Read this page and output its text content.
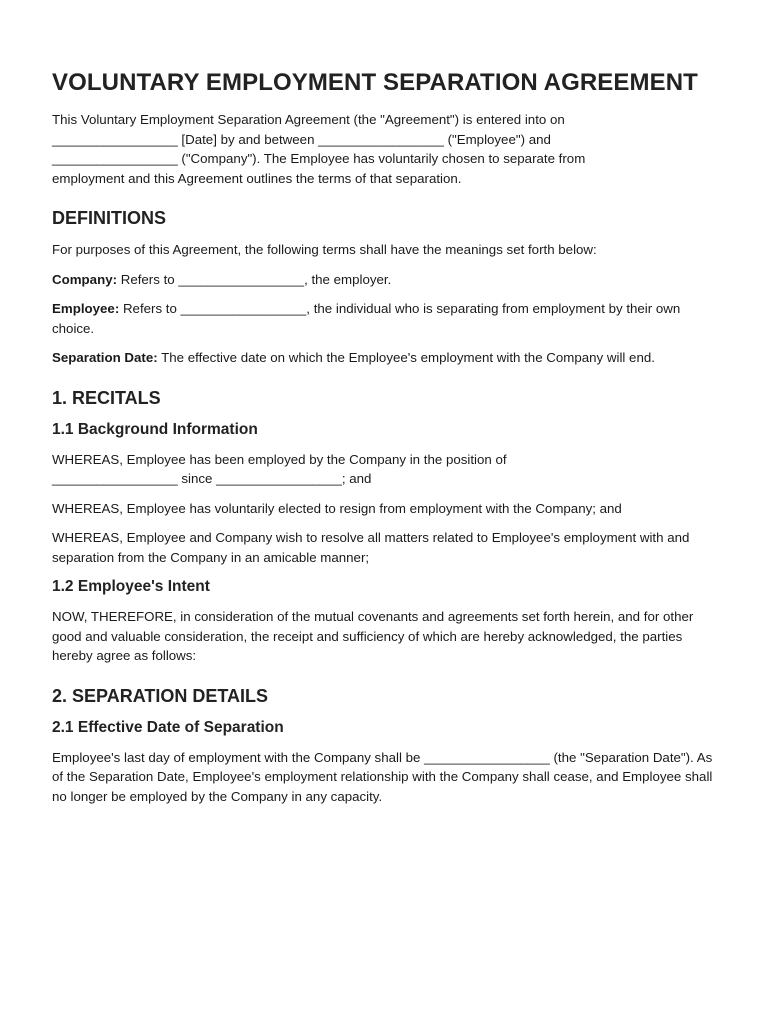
VOLUNTARY EMPLOYMENT SEPARATION AGREEMENT

This Voluntary Employment Separation Agreement (the "Agreement") is entered into on
_________________ [Date] by and between _________________ ("Employee") and
_________________ ("Company"). The Employee has voluntarily chosen to separate from
employment and this Agreement outlines the terms of that separation.

DEFINITIONS

For purposes of this Agreement, the following terms shall have the meanings set forth below:

Company: Refers to _________________, the employer.

Employee: Refers to _________________, the individual who is separating from employment by their own choice.

Separation Date: The effective date on which the Employee's employment with the Company will end.

1. RECITALS
1.1 Background Information

WHEREAS, Employee has been employed by the Company in the position of
_________________ since _________________; and

WHEREAS, Employee has voluntarily elected to resign from employment with the Company; and

WHEREAS, Employee and Company wish to resolve all matters related to Employee's employment with and separation from the Company in an amicable manner;

1.2 Employee's Intent

NOW, THEREFORE, in consideration of the mutual covenants and agreements set forth herein, and for other good and valuable consideration, the receipt and sufficiency of which are hereby acknowledged, the parties hereby agree as follows:

2. SEPARATION DETAILS
2.1 Effective Date of Separation

Employee's last day of employment with the Company shall be _________________ (the "Separation Date"). As of the Separation Date, Employee's employment relationship with the Company shall cease, and Employee shall no longer be employed by the Company in any capacity.
